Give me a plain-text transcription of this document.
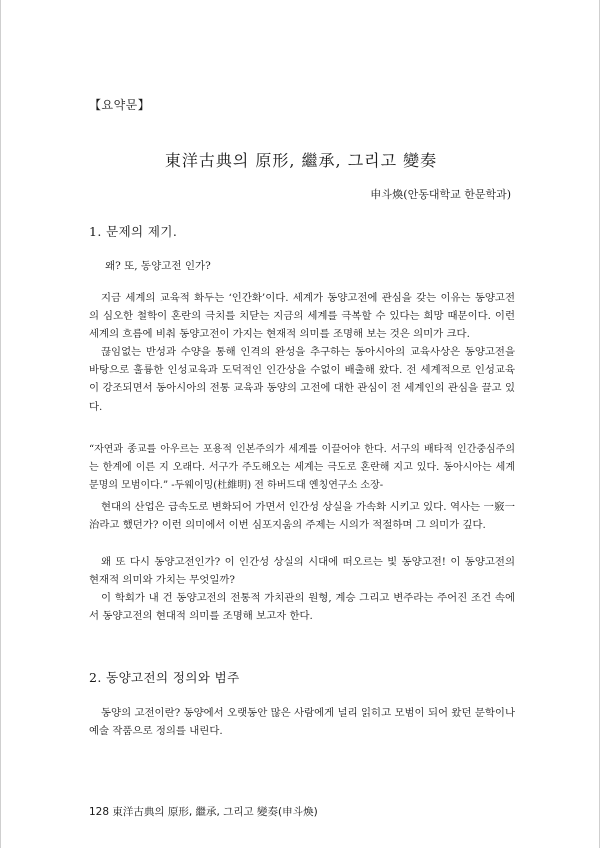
【요약문】
東洋古典의 原形, 繼承, 그리고 變奏
申斗煥(안동대학교 한문학과)
1. 문제의 제기.
왜? 또, 동양고전 인가?

지금 세계의 교육적 화두는 ‘인간화’이다. 세계가 동양고전에 관심을 갖는 이유는 동양고전의 심오한 철학이 혼란의 극치를 치닫는 지금의 세계를 극복할 수 있다는 희망 때문이다. 이런 세계의 흐름에 비춰 동양고전이 가지는 현재적 의미를 조명해 보는 것은 의미가 크다.

끊임없는 반성과 수양을 통해 인격의 완성을 추구하는 동아시아의 교육사상은 동양고전을 바탕으로 훌륭한 인성교육과 도덕적인 인간상을 수없이 배출해 왔다. 전 세계적으로 인성교육이 강조되면서 동아시아의 전통 교육과 동양의 고전에 대한 관심이 전 세계인의 관심을 끌고 있다.

“자연과 종교를 아우르는 포용적 인본주의가 세계를 이끌어야 한다. 서구의 배타적 인간중심주의는 한계에 이른 지 오래다. 서구가 주도해오는 세계는 극도로 혼란해 지고 있다. 동아시아는 세계 문명의 모범이다.” -두웨이밍(杜維明) 전 하버드대 옌칭연구소 소장-

현대의 산업은 급속도로 변화되어 가면서 인간성 상실을 가속화 시키고 있다. 역사는 一竅一治라고 했던가? 이런 의미에서 이번 심포지움의 주제는 시의가 적절하며 그 의미가 깊다.

왜 또 다시 동양고전인가? 이 인간성 상실의 시대에 떠오르는 빛 동양고전! 이 동양고전의 현재적 의미와 가치는 무엇일까?

이 학회가 내 건 동양고전의 전통적 가치관의 원형, 계승 그리고 변주라는 주어진 조건 속에서 동양고전의 현대적 의미를 조명해 보고자 한다.

2. 동양고전의 정의와 범주

동양의 고전이란? 동양에서 오랫동안 많은 사람에게 널리 읽히고 모범이 되어 왔던 문학이나 예술 작품으로 정의를 내린다.

128 東洋古典의 原形, 繼承, 그리고 變奏(申斗煥)
